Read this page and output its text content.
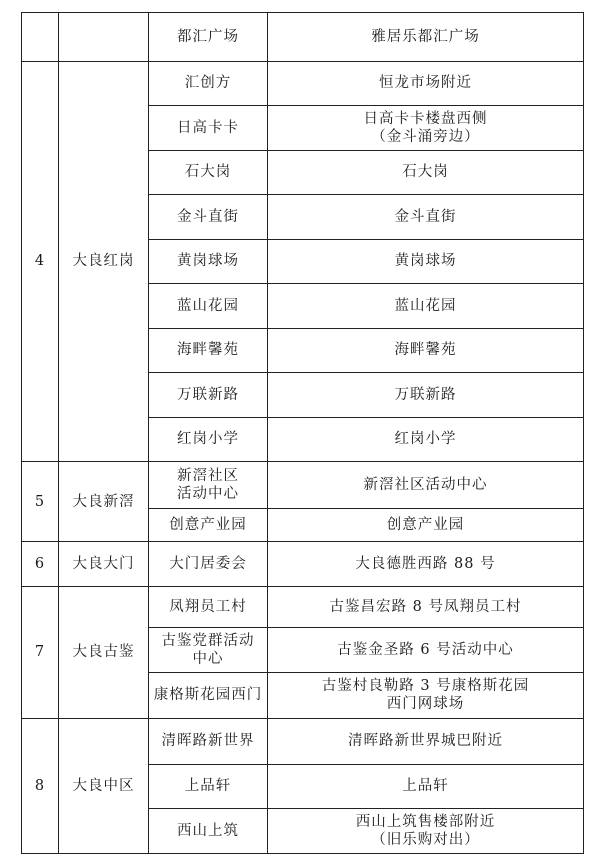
		都汇广场	雅居乐都汇广场
4	大良红岗	汇创方	恒龙市场附近
		日高卡卡	日高卡卡楼盘西侧
（金斗涌旁边）

		石大岗	石大岗
		金斗直街	金斗直街
		黄岗球场	黄岗球场
		蓝山花园	蓝山花园
		海畔馨苑	海畔馨苑
		万联新路	万联新路
		红岗小学	红岗小学
5	大良新滘	新滘社区
活动中心	新滘社区活动中心
		创意产业园	创意产业园
6	大良大门	大门居委会	大良德胜西路 88 号
7	大良古鉴	凤翔员工村	古鉴昌宏路 8 号凤翔员工村

		古鉴党群活动
中心	古鉴金圣路 6 号活动中心
		康格斯花园西门	古鉴村良勒路 3 号康格斯花园
西门网球场

8	大良中区	清晖路新世界	清晖路新世界城巴附近
		上品轩	上品轩
		西山上筑	西山上筑售楼部附近
（旧乐购对出）
